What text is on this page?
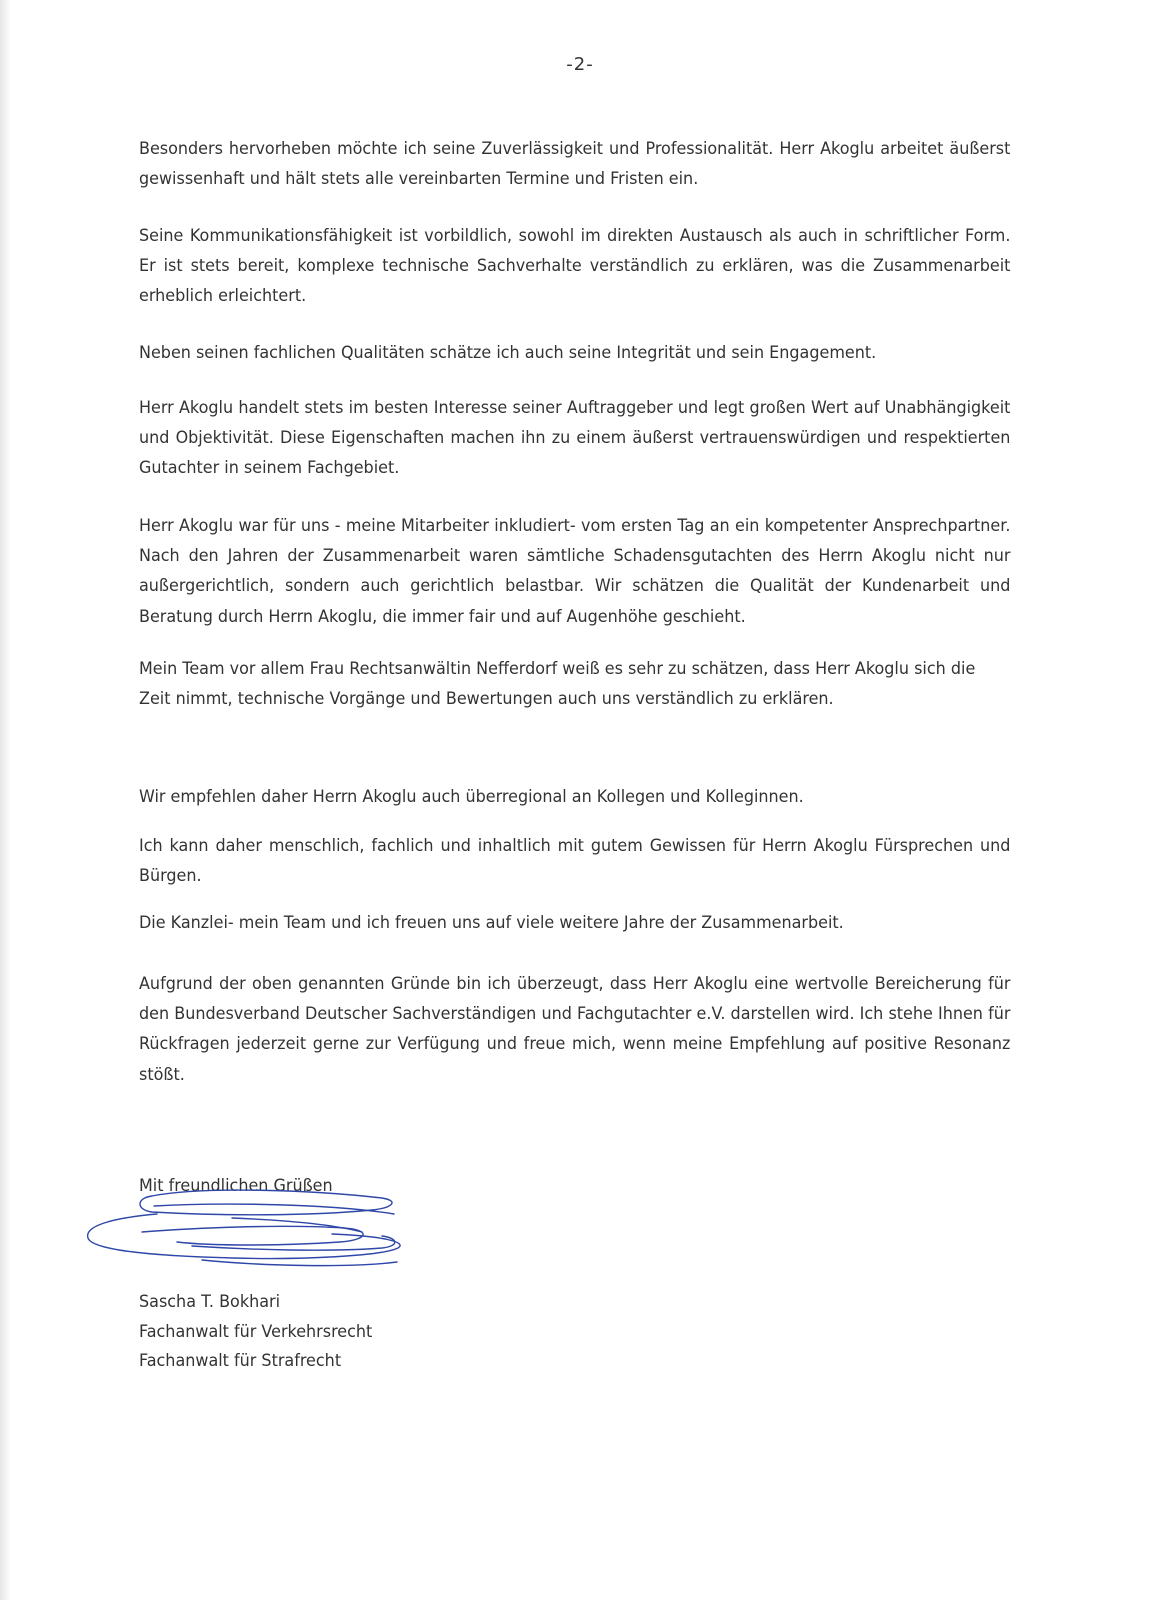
-2-

Besonders hervorheben möchte ich seine Zuverlässigkeit und Professionalität. Herr Akoglu arbeitet äußerst gewissenhaft und hält stets alle vereinbarten Termine und Fristen ein.

Seine Kommunikationsfähigkeit ist vorbildlich, sowohl im direkten Austausch als auch in schriftlicher Form. Er ist stets bereit, komplexe technische Sachverhalte verständlich zu erklären, was die Zusammenarbeit erheblich erleichtert.

Neben seinen fachlichen Qualitäten schätze ich auch seine Integrität und sein Engagement.

Herr Akoglu handelt stets im besten Interesse seiner Auftraggeber und legt großen Wert auf Unabhängigkeit und Objektivität. Diese Eigenschaften machen ihn zu einem äußerst vertrauenswürdigen und respektierten Gutachter in seinem Fachgebiet.

Herr Akoglu war für uns - meine Mitarbeiter inkludiert- vom ersten Tag an ein kompetenter Ansprechpartner. Nach den Jahren der Zusammenarbeit waren sämtliche Schadensgutachten des Herrn Akoglu nicht nur außergerichtlich, sondern auch gerichtlich belastbar. Wir schätzen die Qualität der Kundenarbeit und Beratung durch Herrn Akoglu, die immer fair und auf Augenhöhe geschieht.

Mein Team vor allem Frau Rechtsanwältin Nefferdorf weiß es sehr zu schätzen, dass Herr Akoglu sich die Zeit nimmt, technische Vorgänge und Bewertungen auch uns verständlich zu erklären.

Wir empfehlen daher Herrn Akoglu auch überregional an Kollegen und Kolleginnen.

Ich kann daher menschlich, fachlich und inhaltlich mit gutem Gewissen für Herrn Akoglu Fürsprechen und Bürgen.

Die Kanzlei- mein Team und ich freuen uns auf viele weitere Jahre der Zusammenarbeit.

Aufgrund der oben genannten Gründe bin ich überzeugt, dass Herr Akoglu eine wertvolle Bereicherung für den Bundesverband Deutscher Sachverständigen und Fachgutachter e.V. darstellen wird. Ich stehe Ihnen für Rückfragen jederzeit gerne zur Verfügung und freue mich, wenn meine Empfehlung auf positive Resonanz stößt.

Mit freundlichen Grüßen
Sascha T. Bokhari
Fachanwalt für Verkehrsrecht
Fachanwalt für Strafrecht
